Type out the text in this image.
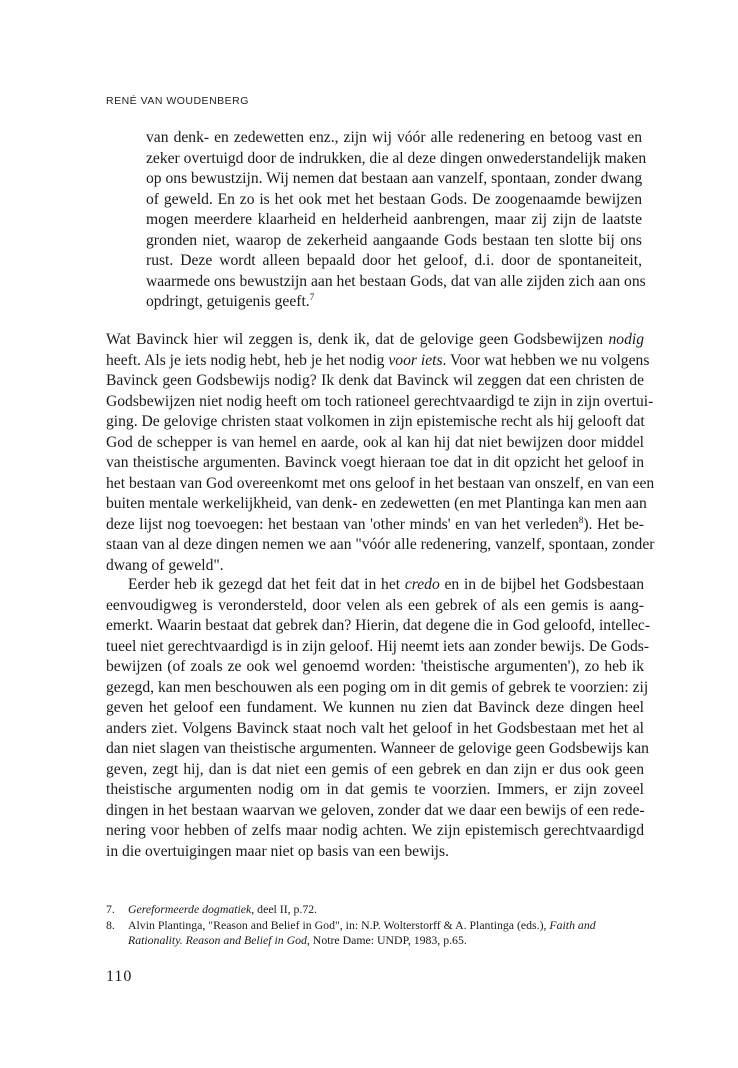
RENÉ VAN WOUDENBERG
van denk- en zedewetten enz., zijn wij vóór alle redenering en betoog vast en
zeker overtuigd door de indrukken, die al deze dingen onwederstandelijk maken
op ons bewustzijn. Wij nemen dat bestaan aan vanzelf, spontaan, zonder dwang
of geweld. En zo is het ook met het bestaan Gods. De zoogenaamde bewijzen
mogen meerdere klaarheid en helderheid aanbrengen, maar zij zijn de laatste
gronden niet, waarop de zekerheid aangaande Gods bestaan ten slotte bij ons
rust. Deze wordt alleen bepaald door het geloof, d.i. door de spontaneiteit,
waarmede ons bewustzijn aan het bestaan Gods, dat van alle zijden zich aan ons
opdringt, getuigenis geeft.$^7$
Wat Bavinck hier wil zeggen is, denk ik, dat de gelovige geen Godsbewijzen nodig
heeft. Als je iets nodig hebt, heb je het nodig voor iets. Voor wat hebben we nu volgens
Bavinck geen Godsbewijs nodig? Ik denk dat Bavinck wil zeggen dat een christen de
Godsbewijzen niet nodig heeft om toch rationeel gerechtvaardigd te zijn in zijn overtui-
ging. De gelovige christen staat volkomen in zijn epistemische recht als hij gelooft dat
God de schepper is van hemel en aarde, ook al kan hij dat niet bewijzen door middel
van theistische argumenten. Bavinck voegt hieraan toe dat in dit opzicht het geloof in
het bestaan van God overeenkomt met ons geloof in het bestaan van onszelf, en van een
buiten mentale werkelijkheid, van denk- en zedewetten (en met Plantinga kan men aan
deze lijst nog toevoegen: het bestaan van 'other minds' en van het verleden$^8$). Het be-
staan van al deze dingen nemen we aan "vóór alle redenering, vanzelf, spontaan, zonder
dwang of geweld".
Eerder heb ik gezegd dat het feit dat in het credo en in de bijbel het Godsbestaan
eenvoudigweg is verondersteld, door velen als een gebrek of als een gemis is aang-
emerkt. Waarin bestaat dat gebrek dan? Hierin, dat degene die in God geloofd, intellec-
tueel niet gerechtvaardigd is in zijn geloof. Hij neemt iets aan zonder bewijs. De Gods-
bewijzen (of zoals ze ook wel genoemd worden: 'theistische argumenten'), zo heb ik
gezegd, kan men beschouwen als een poging om in dit gemis of gebrek te voorzien: zij
geven het geloof een fundament. We kunnen nu zien dat Bavinck deze dingen heel
anders ziet. Volgens Bavinck staat noch valt het geloof in het Godsbestaan met het al
dan niet slagen van theistische argumenten. Wanneer de gelovige geen Godsbewijs kan
geven, zegt hij, dan is dat niet een gemis of een gebrek en dan zijn er dus ook geen
theistische argumenten nodig om in dat gemis te voorzien. Immers, er zijn zoveel
dingen in het bestaan waarvan we geloven, zonder dat we daar een bewijs of een rede-
nering voor hebben of zelfs maar nodig achten. We zijn epistemisch gerechtvaardigd
in die overtuigingen maar niet op basis van een bewijs.
7.	Gereformeerde dogmatiek, deel II, p.72.
8.	Alvin Plantinga, "Reason and Belief in God", in: N.P. Wolterstorff & A. Plantinga (eds.), Faith and
Rationality. Reason and Belief in God, Notre Dame: UNDP, 1983, p.65.
110
